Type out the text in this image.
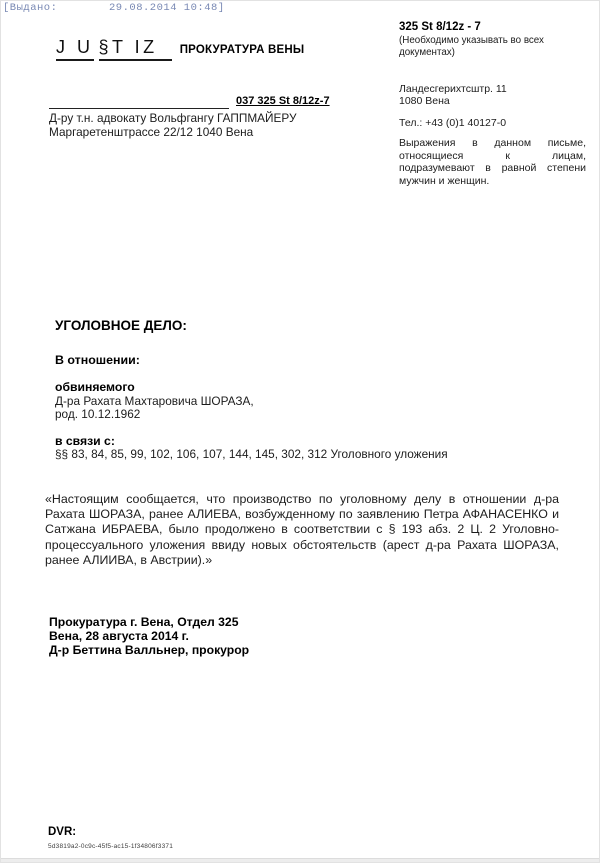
[Выдано:	29.08.2014 10:48]
J U §T IZ	ПРОКУРАТУРА ВЕНЫ
325 St 8/12z - 7
(Необходимо указывать во всех документах)
Ландесгерихтсштр. 11
1080 Вена
Тел.: +43 (0)1 40127-0
Выражения в данном письме, относящиеся к лицам, подразумевают в равной степени мужчин и женщин.
037 325 St 8/12z-7
Д-ру т.н. адвокату Вольфгангу ГАППМАЙЕРУ
Маргаретенштрассе 22/12 1040 Вена
УГОЛОВНОЕ ДЕЛО:
В отношении:
обвиняемого
Д-ра Рахата Махтаровича ШОРАЗА,
род. 10.12.1962
в связи с:
§§ 83, 84, 85, 99, 102, 106, 107, 144, 145, 302, 312 Уголовного уложения
«Настоящим сообщается, что производство по уголовному делу в отношении д-ра Рахата ШОРАЗА, ранее АЛИЕВА, возбужденному по заявлению Петра АФАНАСЕНКО и Сатжана ИБРАЕВА, было продолжено в соответствии с § 193 абз. 2 Ц. 2 Уголовно-процессуального уложения ввиду новых обстоятельств (арест д-ра Рахата ШОРАЗА, ранее АЛИИВА, в Австрии).»
Прокуратура г. Вена, Отдел 325
Вена, 28 августа 2014 г.
Д-р Беттина Валльнер, прокурор
DVR:
5d3819a2-0c9c-45f5-ac15-1f34806f3371
